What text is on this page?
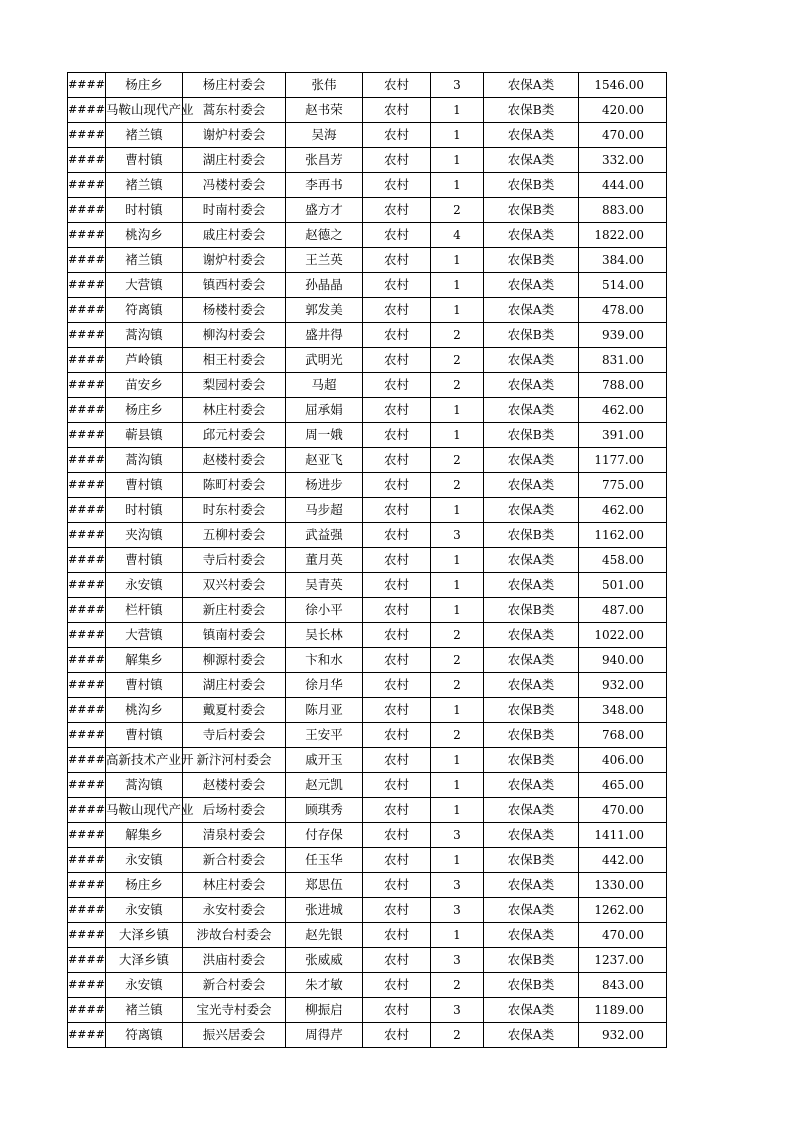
####	杨庄乡	杨庄村委会	张伟	农村	3	农保A类	1546.00
####	马鞍山现代产业	蒿东村委会	赵书荣	农村	1	农保B类	420.00
####	褚兰镇	谢炉村委会	吴海	农村	1	农保A类	470.00
####	曹村镇	湖庄村委会	张昌芳	农村	1	农保A类	332.00
####	褚兰镇	冯楼村委会	李再书	农村	1	农保B类	444.00
####	时村镇	时南村委会	盛方才	农村	2	农保B类	883.00
####	桃沟乡	戚庄村委会	赵德之	农村	4	农保A类	1822.00
####	褚兰镇	谢炉村委会	王兰英	农村	1	农保B类	384.00
####	大营镇	镇西村委会	孙晶晶	农村	1	农保A类	514.00
####	符离镇	杨楼村委会	郭发美	农村	1	农保A类	478.00
####	蒿沟镇	柳沟村委会	盛井得	农村	2	农保B类	939.00
####	芦岭镇	相王村委会	武明光	农村	2	农保A类	831.00
####	苗安乡	梨园村委会	马超	农村	2	农保A类	788.00
####	杨庄乡	林庄村委会	屈承娟	农村	1	农保A类	462.00
####	蕲县镇	邱元村委会	周一娥	农村	1	农保B类	391.00
####	蒿沟镇	赵楼村委会	赵亚飞	农村	2	农保A类	1177.00
####	曹村镇	陈町村委会	杨进步	农村	2	农保A类	775.00
####	时村镇	时东村委会	马步超	农村	1	农保A类	462.00
####	夹沟镇	五柳村委会	武益强	农村	3	农保B类	1162.00
####	曹村镇	寺后村委会	董月英	农村	1	农保A类	458.00
####	永安镇	双兴村委会	吴青英	农村	1	农保A类	501.00
####	栏杆镇	新庄村委会	徐小平	农村	1	农保B类	487.00
####	大营镇	镇南村委会	吴长林	农村	2	农保A类	1022.00
####	解集乡	柳源村委会	卞和水	农村	2	农保A类	940.00
####	曹村镇	湖庄村委会	徐月华	农村	2	农保A类	932.00
####	桃沟乡	戴夏村委会	陈月亚	农村	1	农保B类	348.00
####	曹村镇	寺后村委会	王安平	农村	2	农保B类	768.00
####	高新技术产业开	新汴河村委会	戚开玉	农村	1	农保B类	406.00
####	蒿沟镇	赵楼村委会	赵元凯	农村	1	农保A类	465.00
####	马鞍山现代产业	后场村委会	顾琪秀	农村	1	农保A类	470.00
####	解集乡	清泉村委会	付存保	农村	3	农保A类	1411.00
####	永安镇	新合村委会	任玉华	农村	1	农保B类	442.00
####	杨庄乡	林庄村委会	郑思伍	农村	3	农保A类	1330.00
####	永安镇	永安村委会	张进城	农村	3	农保A类	1262.00
####	大泽乡镇	涉故台村委会	赵先银	农村	1	农保A类	470.00
####	大泽乡镇	洪庙村委会	张威威	农村	3	农保B类	1237.00
####	永安镇	新合村委会	朱才敏	农村	2	农保B类	843.00
####	褚兰镇	宝光寺村委会	柳振启	农村	3	农保A类	1189.00
####	符离镇	振兴居委会	周得芹	农村	2	农保A类	932.00
